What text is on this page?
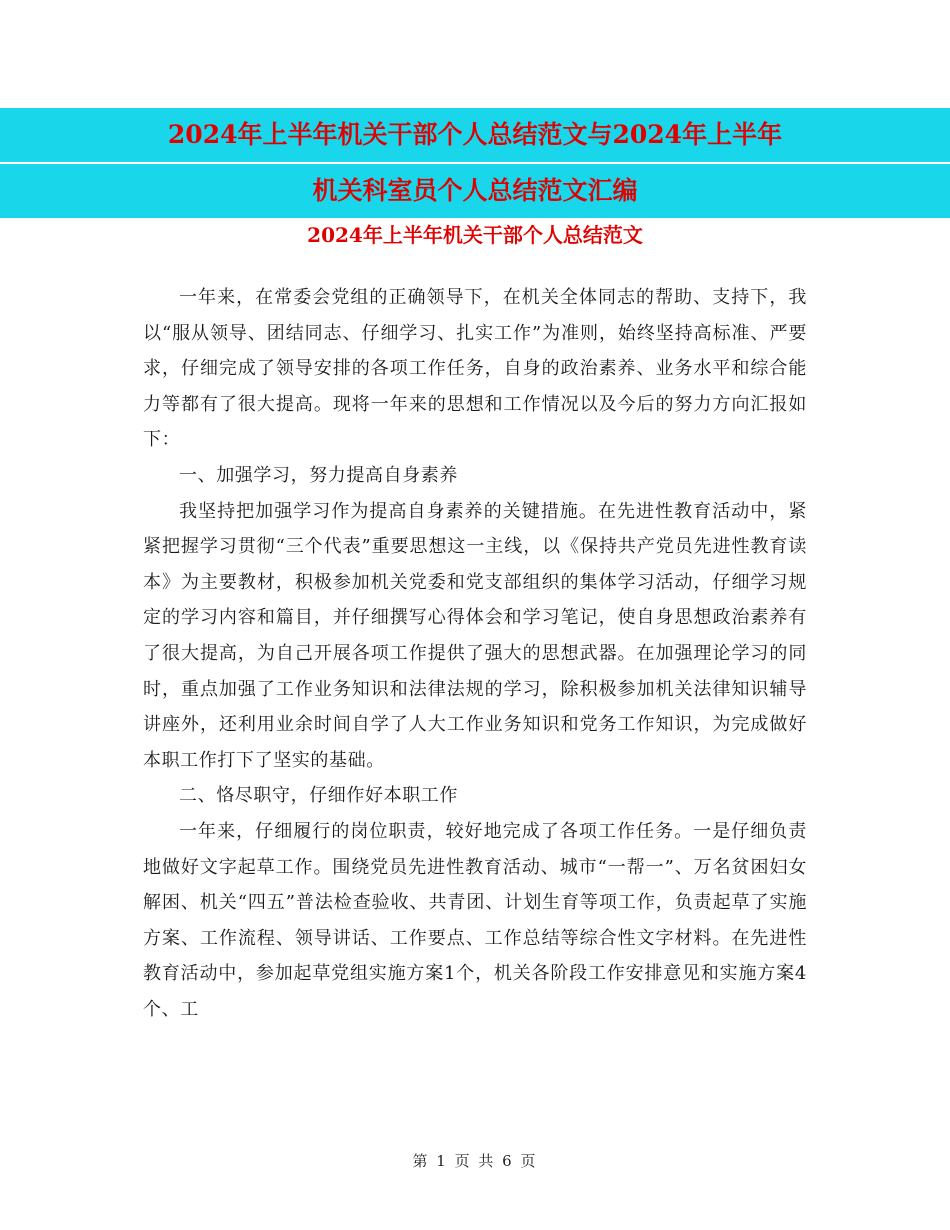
2024年上半年机关干部个人总结范文与2024年上半年
机关科室员个人总结范文汇编
2024年上半年机关干部个人总结范文

一年来，在常委会党组的正确领导下，在机关全体同志的帮助、支持下，我以“服从领导、团结同志、仔细学习、扎实工作”为准则，始终坚持高标准、严要求，仔细完成了领导安排的各项工作任务，自身的政治素养、业务水平和综合能力等都有了很大提高。现将一年来的思想和工作情况以及今后的努力方向汇报如下：

一、加强学习，努力提高自身素养

我坚持把加强学习作为提高自身素养的关键措施。在先进性教育活动中，紧紧把握学习贯彻“三个代表”重要思想这一主线，以《保持共产党员先进性教育读本》为主要教材，积极参加机关党委和党支部组织的集体学习活动，仔细学习规定的学习内容和篇目，并仔细撰写心得体会和学习笔记，使自身思想政治素养有了很大提高，为自己开展各项工作提供了强大的思想武器。在加强理论学习的同时，重点加强了工作业务知识和法律法规的学习，除积极参加机关法律知识辅导讲座外，还利用业余时间自学了人大工作业务知识和党务工作知识，为完成做好本职工作打下了坚实的基础。

二、恪尽职守，仔细作好本职工作

一年来，仔细履行的岗位职责，较好地完成了各项工作任务。一是仔细负责地做好文字起草工作。围绕党员先进性教育活动、城市“一帮一”、万名贫困妇女解困、机关“四五”普法检查验收、共青团、计划生育等项工作，负责起草了实施方案、工作流程、领导讲话、工作要点、工作总结等综合性文字材料。在先进性教育活动中，参加起草党组实施方案1个，机关各阶段工作安排意见和实施方案4个、工

第 1 页 共 6 页
